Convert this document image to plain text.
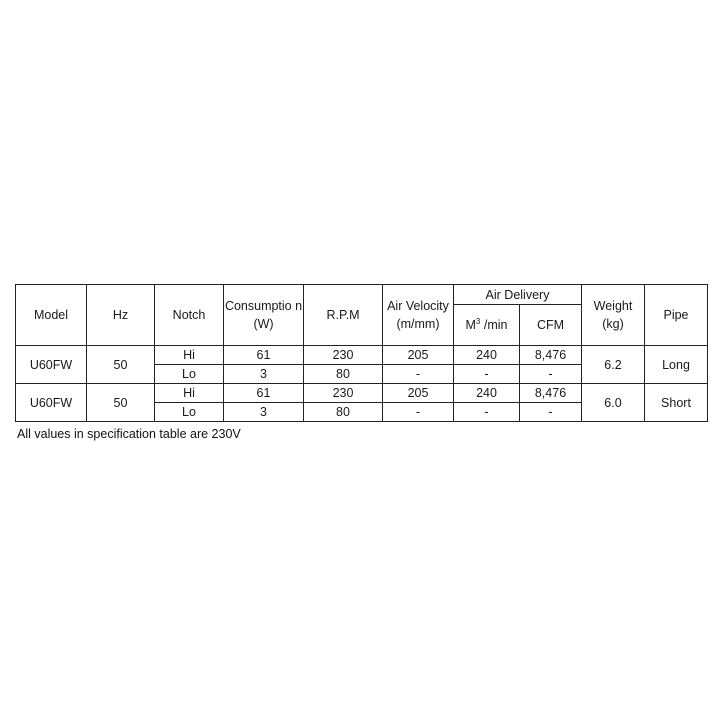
Model	Hz	Notch	Consumptio n (W)	R.P.M	Air Velocity (m/mm)	Air Delivery		Weight (kg)	Pipe
						$M^3$ /min	CFM		
U60FW	50	Hi	61	230	205	240	8,476	6.2	Long
		Lo	3	80	-	-	-		
U60FW	50	Hi	61	230	205	240	8,476	6.0	Short
		Lo	3	80	-	-	-		
All values in specification table are 230V
